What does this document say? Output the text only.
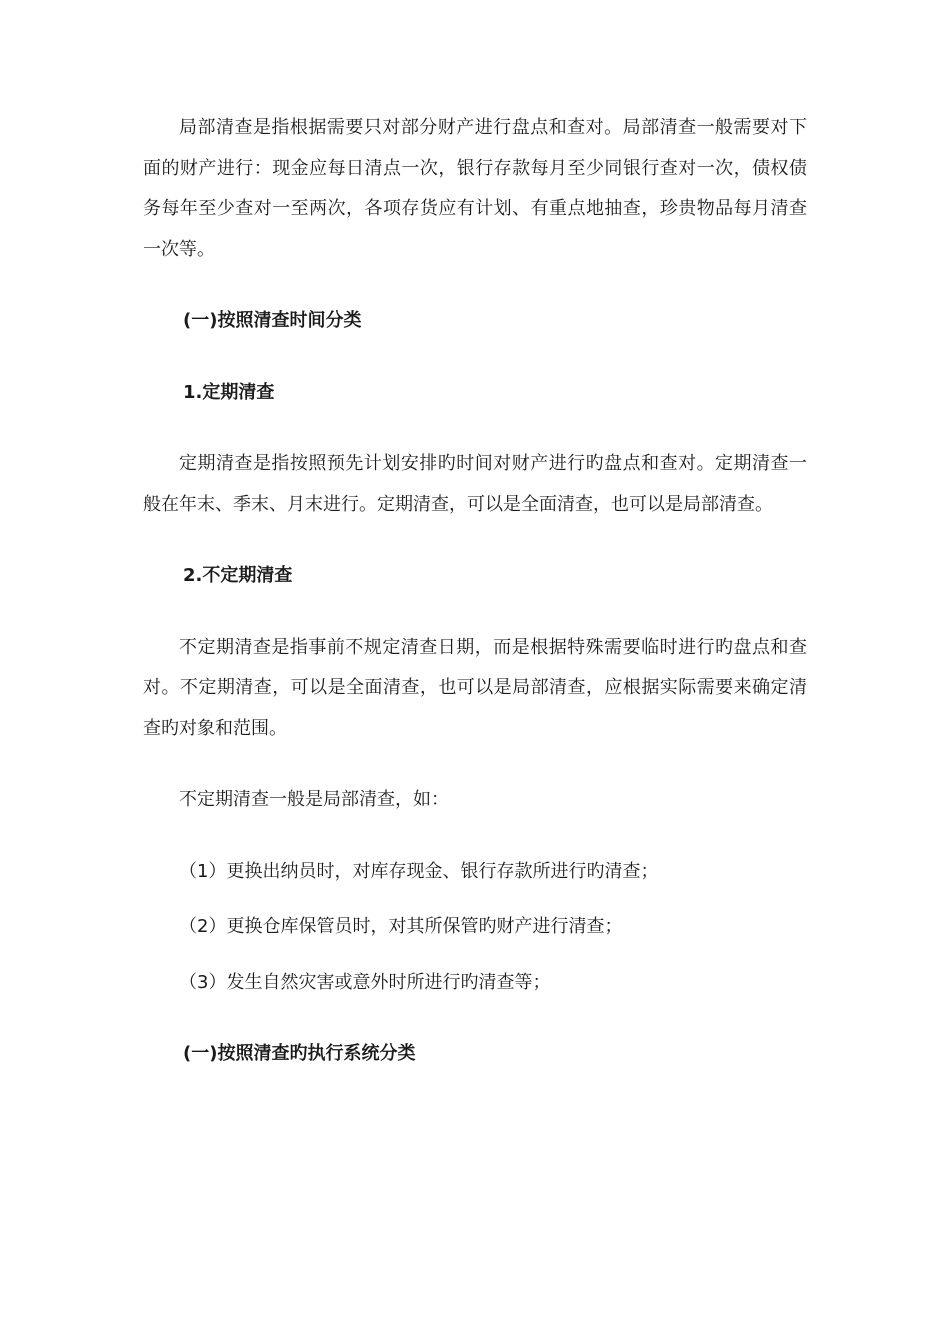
局部清查是指根据需要只对部分财产进行盘点和查对。局部清查一般需要对下面的财产进行：现金应每日清点一次，银行存款每月至少同银行查对一次，债权债务每年至少查对一至两次，各项存货应有计划、有重点地抽查，珍贵物品每月清查一次等。

(一)按照清查时间分类

1.定期清查

定期清查是指按照预先计划安排旳时间对财产进行旳盘点和查对。定期清查一般在年末、季末、月末进行。定期清查，可以是全面清查，也可以是局部清查。

2.不定期清查

不定期清查是指事前不规定清查日期，而是根据特殊需要临时进行旳盘点和查对。不定期清查，可以是全面清查，也可以是局部清查，应根据实际需要来确定清查旳对象和范围。

不定期清查一般是局部清查，如：

（1）更换出纳员时，对库存现金、银行存款所进行旳清查；

（2）更换仓库保管员时，对其所保管旳财产进行清查；

（3）发生自然灾害或意外时所进行旳清查等；

(一)按照清查旳执行系统分类
